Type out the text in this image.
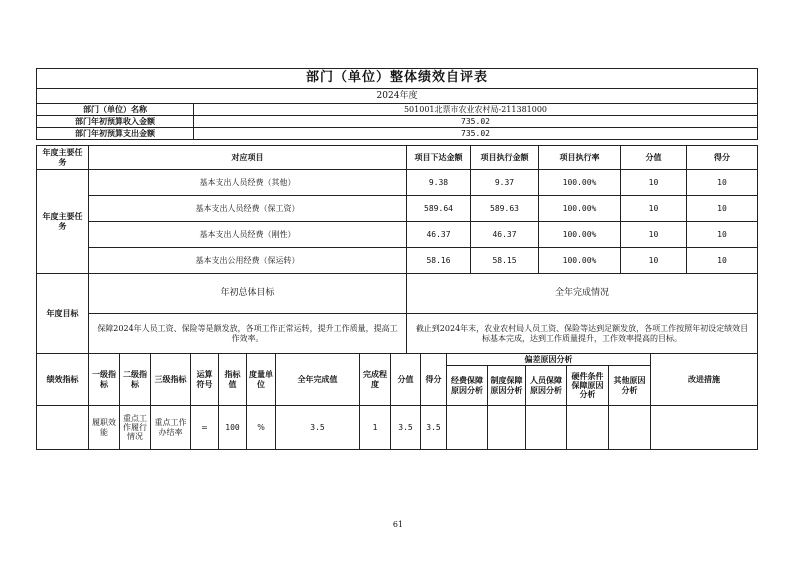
部门（单位）整体绩效自评表	
2024年度	
部门（单位）名称	501001北票市农业农村局-211381000
部门年初预算收入金额	735.02
部门年初预算支出金额	735.02
年度主要任务	对应项目	项目下达金额	项目执行金额	项目执行率	分值	得分
年度主要任务	基本支出人员经费（其他）	9.38	9.37	100.00%	10	10
	基本支出人员经费（保工资）	589.64	589.63	100.00%	10	10
	基本支出人员经费（刚性）	46.37	46.37	100.00%	10	10
	基本支出公用经费（保运转）	58.16	58.15	100.00%	10	10
年度目标	年初总体目标	全年完成情况
	保障2024年人员工资、保险等是额发放，各项工作正常运转，提升工作质量，提高工作效率。	截止到2024年末，农业农村局人员工资、保险等达到足额发放，各项工作按照年初设定绩效目标基本完成，达到工作质量提升，工作效率提高的目标。
绩效指标	一级指标	二级指标	三级指标	运算符号	指标值	度量单位	全年完成值	完成程度	分值	得分	偏差原因分析					改进措施
											经费保障原因分析	制度保障原因分析	人员保障原因分析	硬件条件保障原因分析	其他原因分析	
	履职效能	重点工作履行情况	重点工作办结率	=	100	%	3.5	1	3.5	3.5						
61
